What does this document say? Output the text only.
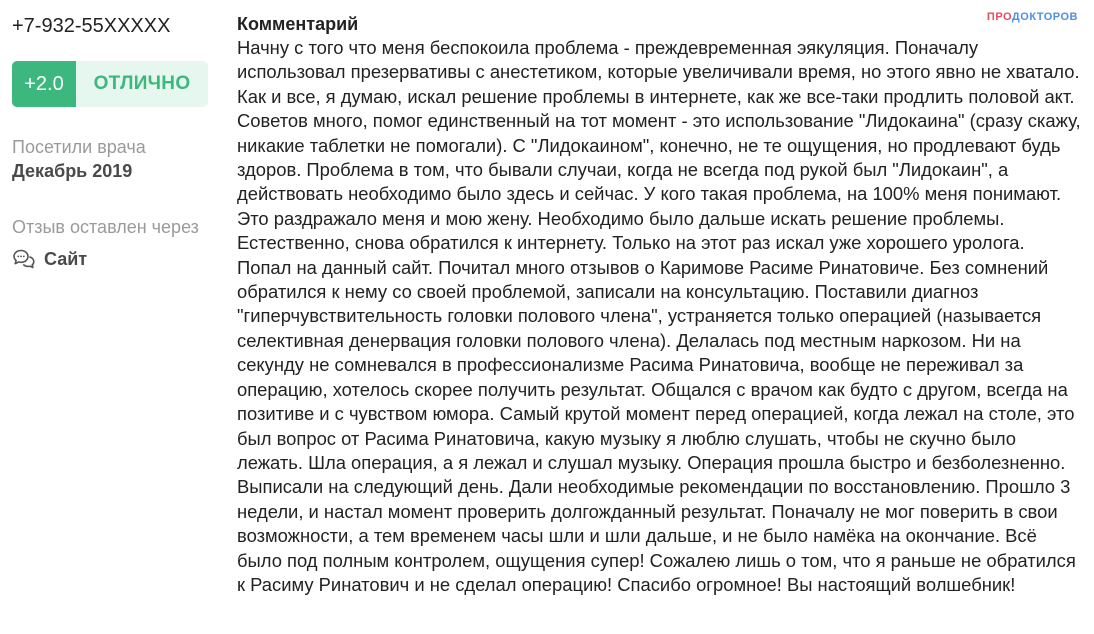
+7-932-55XXXXX
+2.0	ОТЛИЧНО
Посетили врача
Декабрь 2019
Отзыв оставлен через
Сайт
Комментарий

Начну с того что меня беспокоила проблема - преждевременная эякуляция. Поначалу использовал презервативы с анестетиком, которые увеличивали время, но этого явно не хватало. Как и все, я думаю, искал решение проблемы в интернете, как же все-таки продлить половой акт. Советов много, помог единственный на тот момент - это использование "Лидокаина" (сразу скажу, никакие таблетки не помогали). С "Лидокаином", конечно, не те ощущения, но продлевают будь здоров. Проблема в том, что бывали случаи, когда не всегда под рукой был "Лидокаин", а действовать необходимо было здесь и сейчас. У кого такая проблема, на 100% меня понимают. Это раздражало меня и мою жену. Необходимо было дальше искать решение проблемы. Естественно, снова обратился к интернету. Только на этот раз искал уже хорошего уролога. Попал на данный сайт. Почитал много отзывов о Каримове Расиме Ринатовиче. Без сомнений обратился к нему со своей проблемой, записали на консультацию. Поставили диагноз "гиперчувствительность головки полового члена", устраняется только операцией (называется селективная денервация головки полового члена). Делалась под местным наркозом. Ни на секунду не сомневался в профессионализме Расима Ринатовича, вообще не переживал за операцию, хотелось скорее получить результат. Общался с врачом как будто с другом, всегда на позитиве и с чувством юмора. Самый крутой момент перед операцией, когда лежал на столе, это был вопрос от Расима Ринатовича, какую музыку я люблю слушать, чтобы не скучно было лежать. Шла операция, а я лежал и слушал музыку. Операция прошла быстро и безболезненно. Выписали на следующий день. Дали необходимые рекомендации по восстановлению. Прошло 3 недели, и настал момент проверить долгожданный результат. Поначалу не мог поверить в свои возможности, а тем временем часы шли и шли дальше, и не было намёка на окончание. Всё было под полным контролем, ощущения супер! Сожалею лишь о том, что я раньше не обратился к Расиму Ринатович и не сделал операцию! Спасибо огромное! Вы настоящий волшебник!

ПРОДОКТОРОВ
